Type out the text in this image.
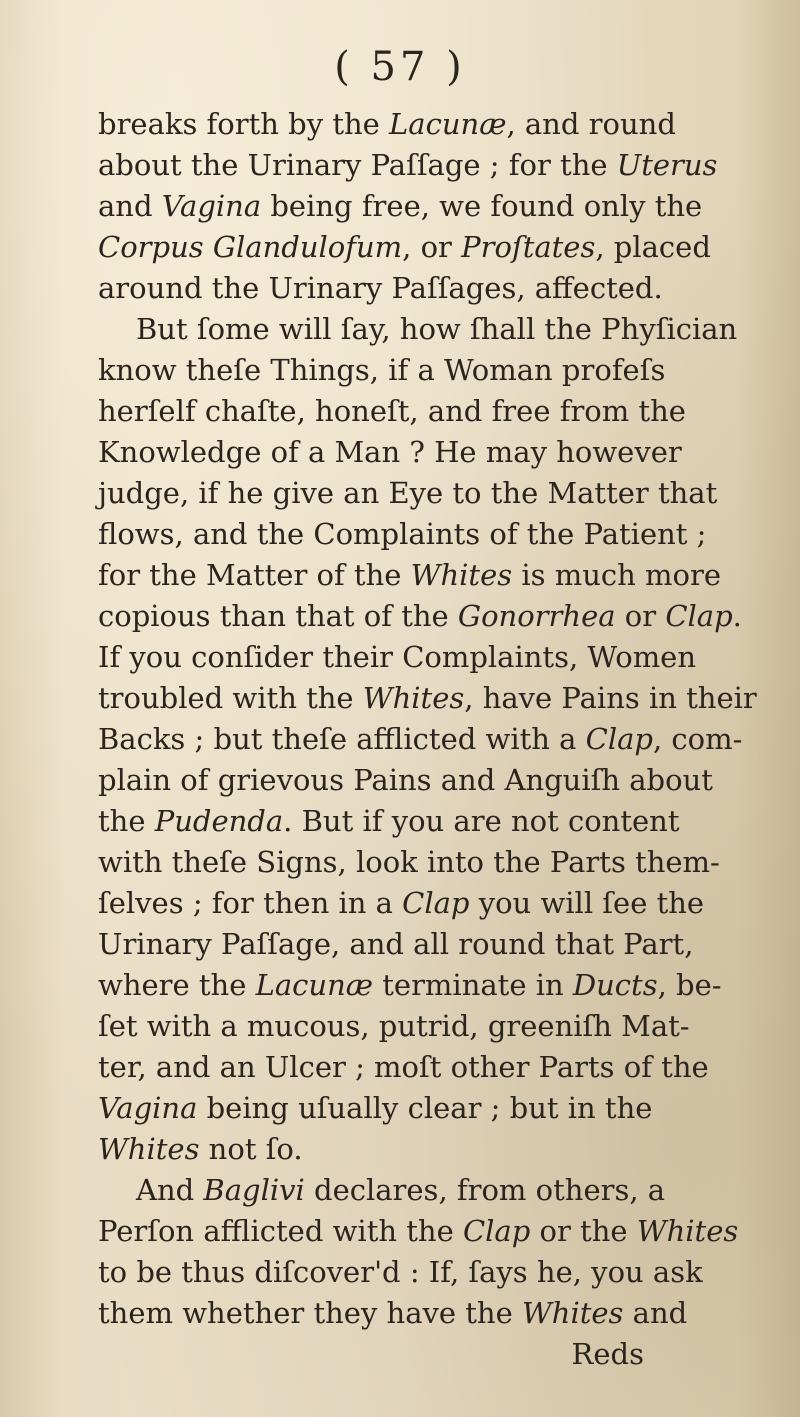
( 57 )
breaks forth by the Lacunæ, and round
about the Urinary Paſſage ; for the Uterus
and Vagina being free, we found only the
Corpus Glandulofum, or Proſtates, placed
around the Urinary Paſſages, affected.
But ſome will ſay, how ſhall the Phyſician
know theſe Things, if a Woman profeſs
herſelf chaſte, honeſt, and free from the
Knowledge of a Man ? He may however
judge, if he give an Eye to the Matter that
flows, and the Complaints of the Patient ;
for the Matter of the Whites is much more
copious than that of the Gonorrhea or Clap.
If you conſider their Complaints, Women
troubled with the Whites, have Pains in their
Backs ; but theſe afflicted with a Clap, com-
plain of grievous Pains and Anguiſh about
the Pudenda. But if you are not content
with theſe Signs, look into the Parts them-
ſelves ; for then in a Clap you will ſee the
Urinary Paſſage, and all round that Part,
where the Lacunæ terminate in Ducts, be-
ſet with a mucous, putrid, greeniſh Mat-
ter, and an Ulcer ; moſt other Parts of the
Vagina being uſually clear ; but in the
Whites not ſo.
And Baglivi declares, from others, a
Perſon afflicted with the Clap or the Whites
to be thus diſcover'd : If, ſays he, you ask
them whether they have the Whites and
Reds
